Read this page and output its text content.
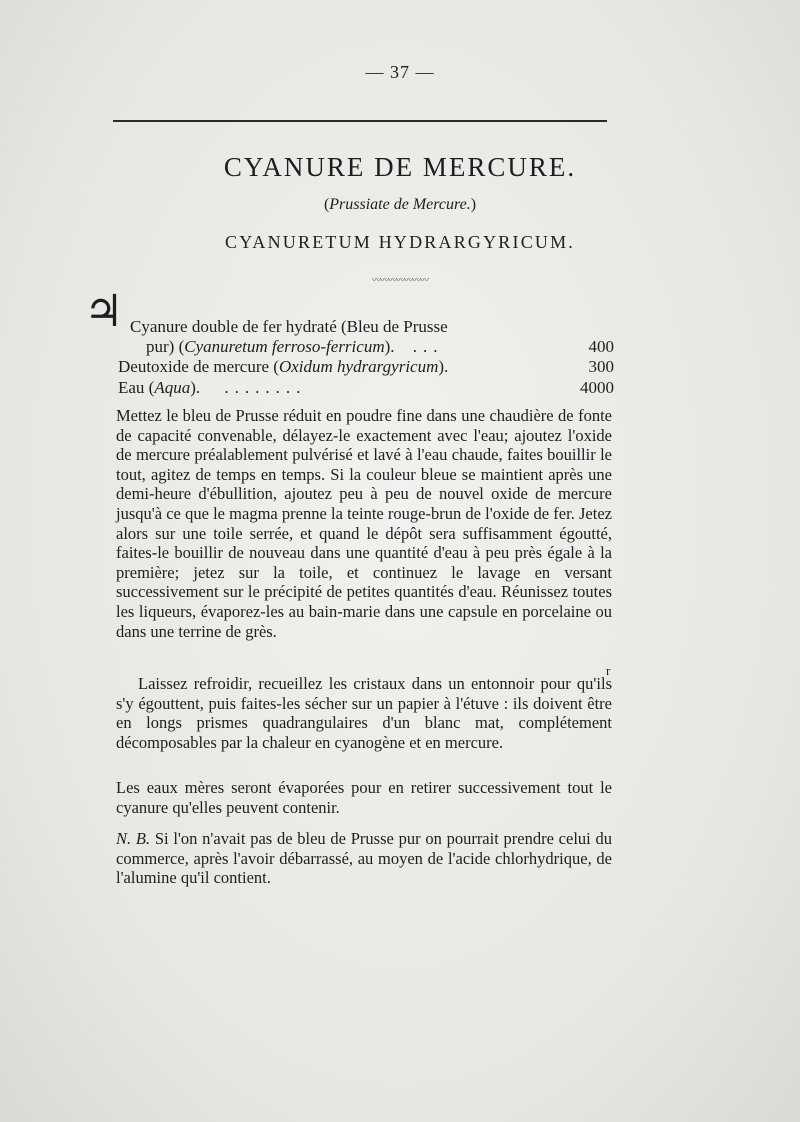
— 37 —
CYANURE DE MERCURE.
(Prussiate de Mercure.)
CYANURETUM HYDRARGYRICUM.
〰〰〰〰〰〰〰
♃ Cyanure double de fer hydraté (Bleu de Prusse
pur) (Cyanuretum ferroso-ferricum). ...	400
Deutoxide de mercure (Oxidum hydrargyricum).	300
Eau (Aqua). ........	4000

Mettez le bleu de Prusse réduit en poudre fine dans une chaudière de fonte de capacité convenable, délayez-le exactement avec l'eau; ajoutez l'oxide de mercure préalablement pulvérisé et lavé à l'eau chaude, faites bouillir le tout, agitez de temps en temps. Si la couleur bleue se maintient après une demi-heure d'ébullition, ajoutez peu à peu de nouvel oxide de mercure jusqu'à ce que le magma prenne la teinte rouge-brun de l'oxide de fer. Jetez alors sur une toile serrée, et quand le dépôt sera suffisamment égoutté, faites-le bouillir de nouveau dans une quantité d'eau à peu près égale à la première; jetez sur la toile, et continuez le lavage en versant successivement sur le précipité de petites quantités d'eau. Réunissez toutes les liqueurs, évaporez-les au bain-marie dans une capsule en porcelaine ou dans une terrine de grès.

r

Laissez refroidir, recueillez les cristaux dans un entonnoir pour qu'ils s'y égouttent, puis faites-les sécher sur un papier à l'étuve : ils doivent être en longs prismes quadrangulaires d'un blanc mat, complétement décomposables par la chaleur en cyanogène et en mercure.

Les eaux mères seront évaporées pour en retirer successivement tout le cyanure qu'elles peuvent contenir.

N. B. Si l'on n'avait pas de bleu de Prusse pur on pourrait prendre celui du commerce, après l'avoir débarrassé, au moyen de l'acide chlorhydrique, de l'alumine qu'il contient.
